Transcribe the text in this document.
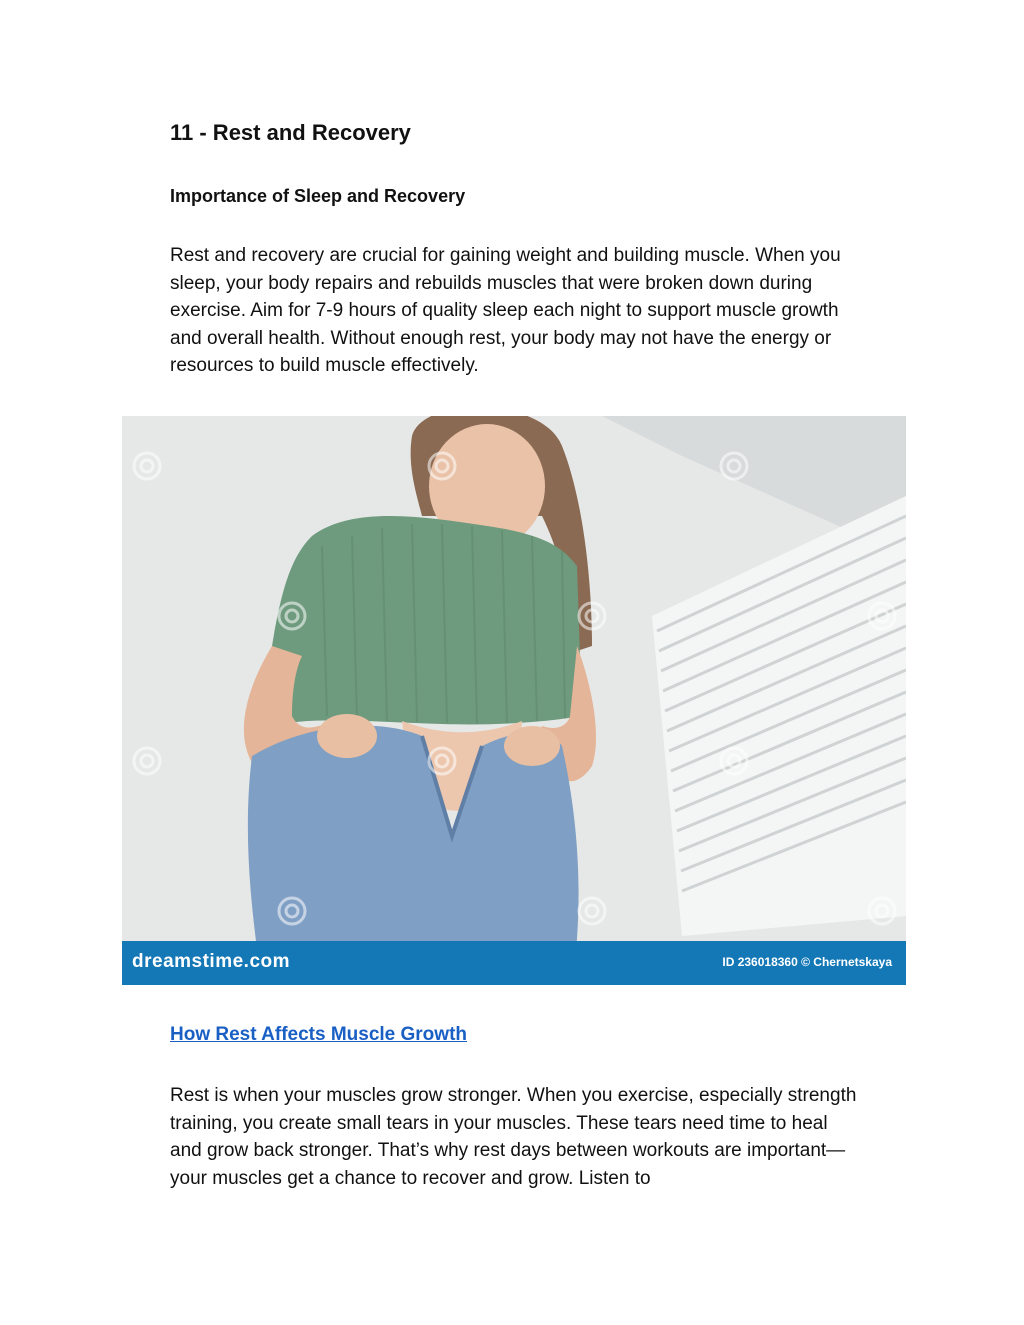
11 - Rest and Recovery
Importance of Sleep and Recovery

Rest and recovery are crucial for gaining weight and building muscle. When you sleep, your body repairs and rebuilds muscles that were broken down during exercise. Aim for 7-9 hours of quality sleep each night to support muscle growth and overall health. Without enough rest, your body may not have the energy or resources to build muscle effectively.

dreamstime.com	ID 236018360 © Chernetskaya
How Rest Affects Muscle Growth

Rest is when your muscles grow stronger. When you exercise, especially strength training, you create small tears in your muscles. These tears need time to heal and grow back stronger. That’s why rest days between workouts are important—your muscles get a chance to recover and grow. Listen to
